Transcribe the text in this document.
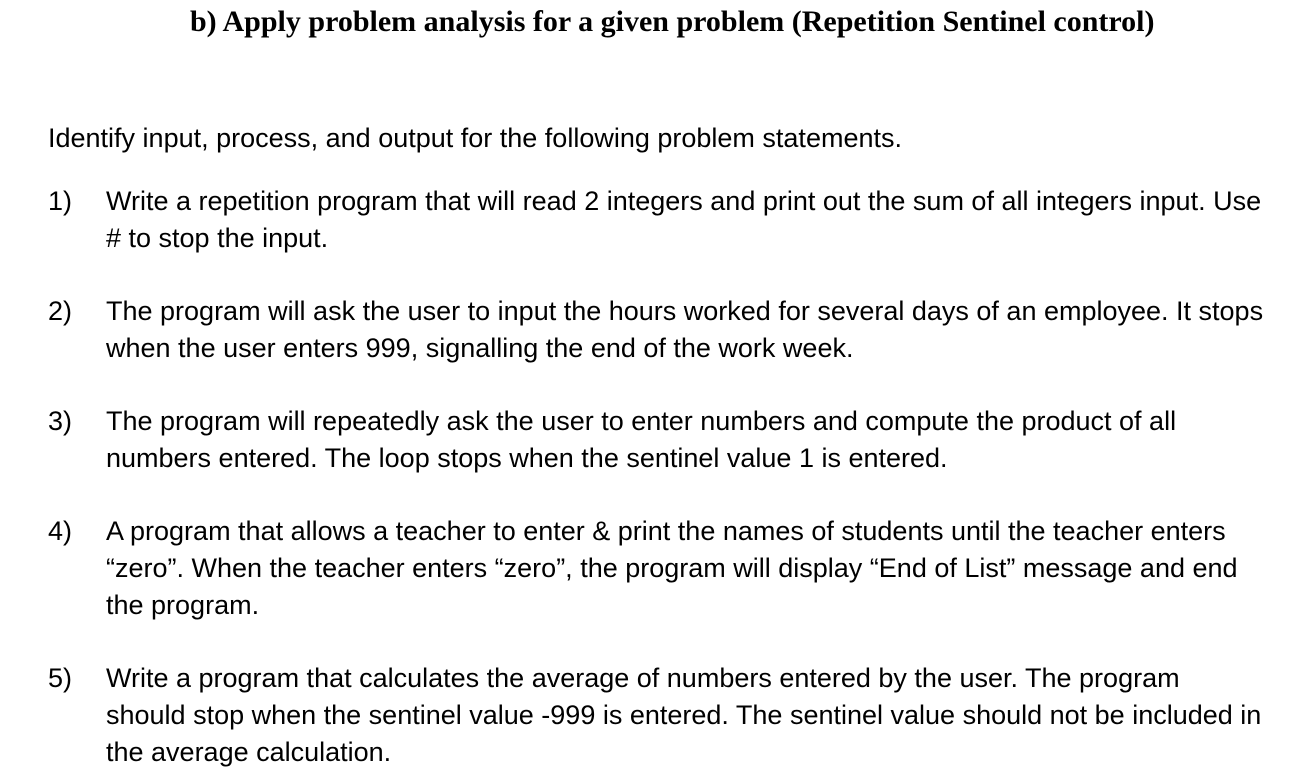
b) Apply problem analysis for a given problem (Repetition Sentinel control)

Identify input, process, and output for the following problem statements.

1) Write a repetition program that will read 2 integers and print out the sum of all integers input. Use # to stop the input.
2) The program will ask the user to input the hours worked for several days of an employee. It stops when the user enters 999, signalling the end of the work week.
3) The program will repeatedly ask the user to enter numbers and compute the product of all numbers entered. The loop stops when the sentinel value 1 is entered.
4) A program that allows a teacher to enter & print the names of students until the teacher enters “zero”. When the teacher enters “zero”, the program will display “End of List” message and end the program.
5) Write a program that calculates the average of numbers entered by the user. The program should stop when the sentinel value -999 is entered. The sentinel value should not be included in the average calculation.
